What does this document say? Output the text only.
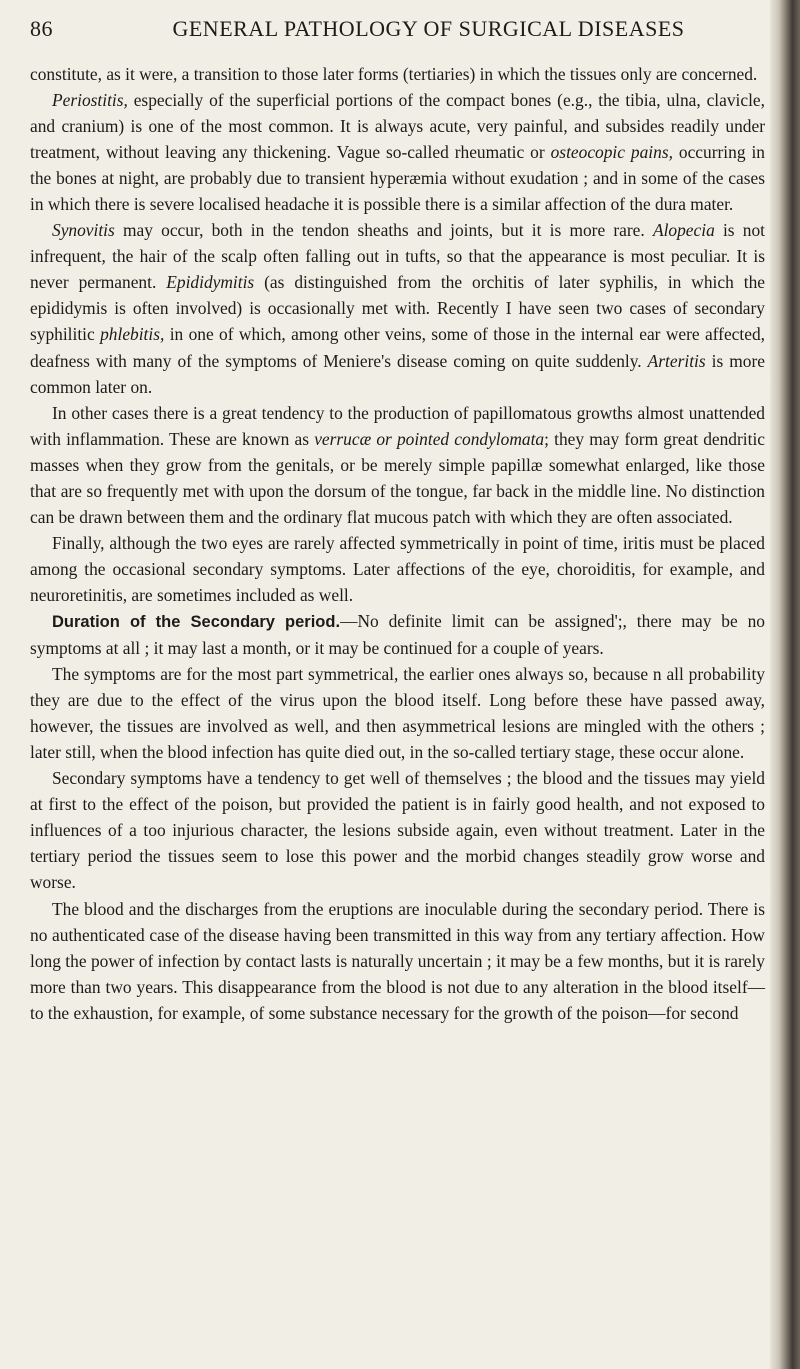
86	GENERAL PATHOLOGY OF SURGICAL DISEASES

constitute, as it were, a transition to those later forms (tertiaries) in which the tissues only are concerned.

Periostitis, especially of the superficial portions of the compact bones (e.g., the tibia, ulna, clavicle, and cranium) is one of the most common. It is always acute, very painful, and subsides readily under treatment, without leaving any thickening. Vague so-called rheumatic or osteocopic pains, occurring in the bones at night, are probably due to transient hyperæmia without exudation ; and in some of the cases in which there is severe localised headache it is possible there is a similar affection of the dura mater.

Synovitis may occur, both in the tendon sheaths and joints, but it is more rare. Alopecia is not infrequent, the hair of the scalp often falling out in tufts, so that the appearance is most peculiar. It is never permanent. Epididymitis (as distinguished from the orchitis of later syphilis, in which the epididymis is often involved) is occasionally met with. Recently I have seen two cases of secondary syphilitic phlebitis, in one of which, among other veins, some of those in the internal ear were affected, deafness with many of the symptoms of Meniere's disease coming on quite suddenly. Arteritis is more common later on.

In other cases there is a great tendency to the production of papillomatous growths almost unattended with inflammation. These are known as verrucæ or pointed condylomata; they may form great dendritic masses when they grow from the genitals, or be merely simple papillæ somewhat enlarged, like those that are so frequently met with upon the dorsum of the tongue, far back in the middle line. No distinction can be drawn between them and the ordinary flat mucous patch with which they are often associated.

Finally, although the two eyes are rarely affected symmetrically in point of time, iritis must be placed among the occasional secondary symptoms. Later affections of the eye, choroiditis, for example, and neuroretinitis, are sometimes included as well.

Duration of the Secondary period.—No definite limit can be assigned';, there may be no symptoms at all ; it may last a month, or it may be continued for a couple of years.

The symptoms are for the most part symmetrical, the earlier ones always so, because n all probability they are due to the effect of the virus upon the blood itself. Long before these have passed away, however, the tissues are involved as well, and then asymmetrical lesions are mingled with the others ; later still, when the blood infection has quite died out, in the so-called tertiary stage, these occur alone.

Secondary symptoms have a tendency to get well of themselves ; the blood and the tissues may yield at first to the effect of the poison, but provided the patient is in fairly good health, and not exposed to influences of a too injurious character, the lesions subside again, even without treatment. Later in the tertiary period the tissues seem to lose this power and the morbid changes steadily grow worse and worse.

The blood and the discharges from the eruptions are inoculable during the secondary period. There is no authenticated case of the disease having been transmitted in this way from any tertiary affection. How long the power of infection by contact lasts is naturally uncertain ; it may be a few months, but it is rarely more than two years. This disappearance from the blood is not due to any alteration in the blood itself—to the exhaustion, for example, of some substance necessary for the growth of the poison—for second
